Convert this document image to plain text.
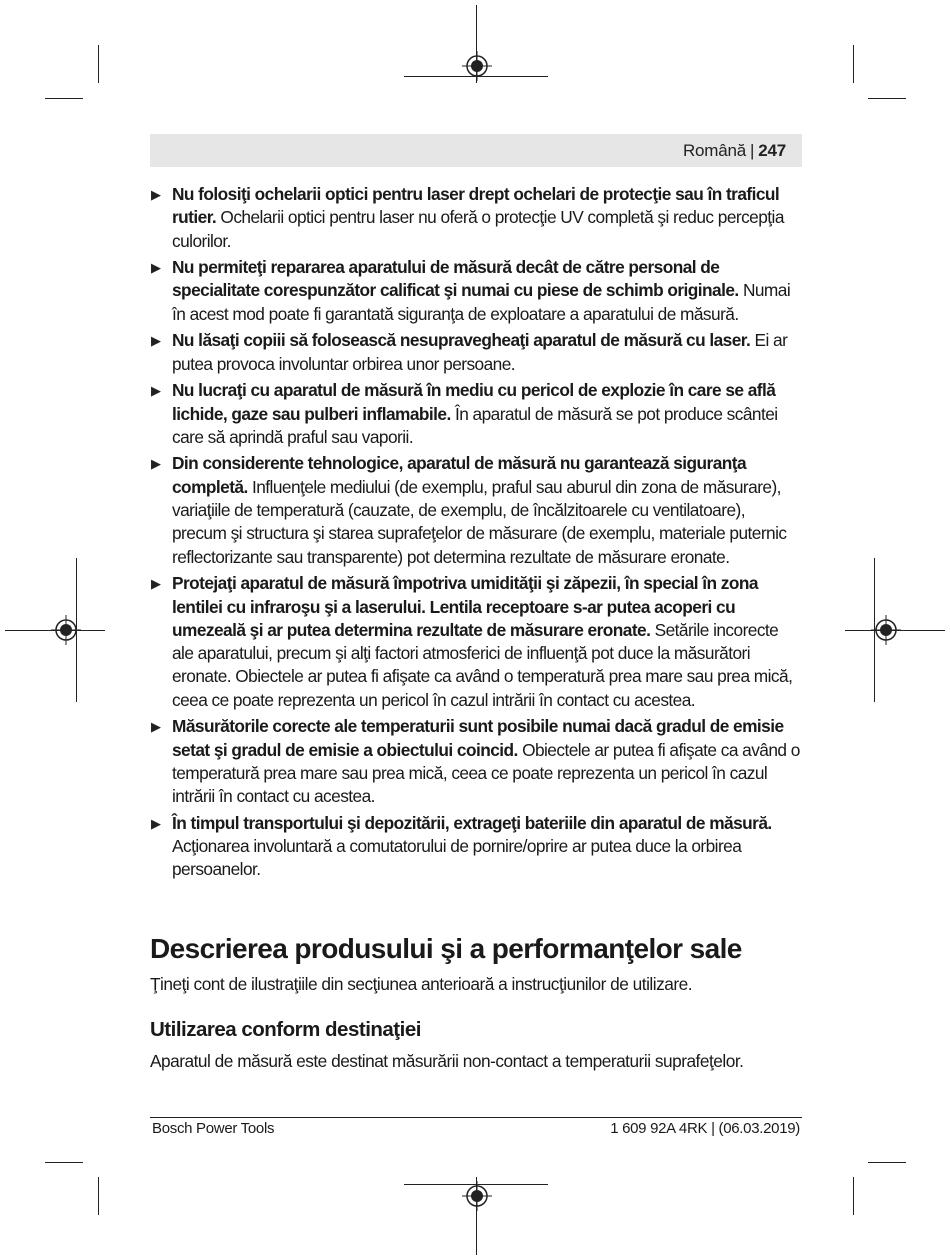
Română | 247
▶ Nu folosiţi ochelarii optici pentru laser drept ochelari de protecţie sau în traficul rutier. Ochelarii optici pentru laser nu oferă o protecţie UV completă şi reduc percepţia culorilor.
▶ Nu permiteţi repararea aparatului de măsură decât de către personal de specialitate corespunzător calificat şi numai cu piese de schimb originale. Numai în acest mod poate fi garantată siguranţa de exploatare a aparatului de măsură.
▶ Nu lăsaţi copiii să folosească nesupravegheaţi aparatul de măsură cu laser. Ei ar putea provoca involuntar orbirea unor persoane.
▶ Nu lucraţi cu aparatul de măsură în mediu cu pericol de explozie în care se află lichide, gaze sau pulberi inflamabile. În aparatul de măsură se pot produce scântei care să aprindă praful sau vaporii.
▶ Din considerente tehnologice, aparatul de măsură nu garantează siguranţa completă. Influenţele mediului (de exemplu, praful sau aburul din zona de măsurare), variaţiile de temperatură (cauzate, de exemplu, de încălzitoarele cu ventilatoare), precum şi structura şi starea suprafeţelor de măsurare (de exemplu, materiale puternic reflectorizante sau transparente) pot determina rezultate de măsurare eronate.
▶ Protejaţi aparatul de măsură împotriva umidităţii şi zăpezii, în special în zona lentilei cu infraroşu şi a laserului. Lentila receptoare s-ar putea acoperi cu umezeală şi ar putea determina rezultate de măsurare eronate. Setările incorecte ale aparatului, precum şi alţi factori atmosferici de influenţă pot duce la măsurători eronate. Obiectele ar putea fi afişate ca având o temperatură prea mare sau prea mică, ceea ce poate reprezenta un pericol în cazul intrării în contact cu acestea.
▶ Măsurătorile corecte ale temperaturii sunt posibile numai dacă gradul de emisie setat şi gradul de emisie a obiectului coincid. Obiectele ar putea fi afişate ca având o temperatură prea mare sau prea mică, ceea ce poate reprezenta un pericol în cazul intrării în contact cu acestea.
▶ În timpul transportului şi depozitării, extrageţi bateriile din aparatul de măsură. Acţionarea involuntară a comutatorului de pornire/oprire ar putea duce la orbirea persoanelor.
Descrierea produsului şi a performanţelor sale

Ţineţi cont de ilustraţiile din secţiunea anterioară a instrucţiunilor de utilizare.

Utilizarea conform destinaţiei

Aparatul de măsură este destinat măsurării non-contact a temperaturii suprafeţelor.

Bosch Power Tools	1 609 92A 4RK | (06.03.2019)
